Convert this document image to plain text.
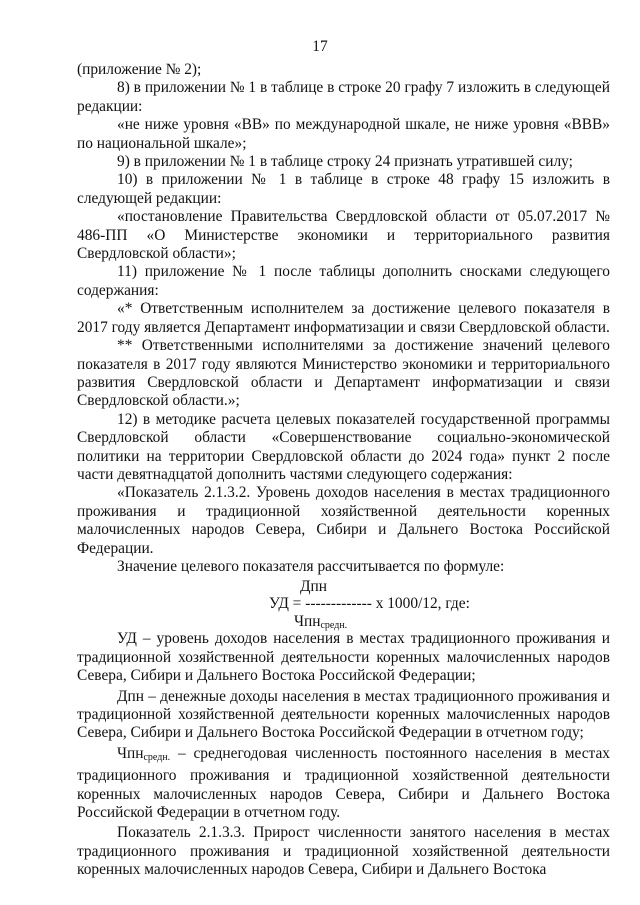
17
(приложение № 2);
8) в приложении № 1 в таблице в строке 20 графу 7 изложить в следующей редакции:
«не ниже уровня «ВВ» по международной шкале, не ниже уровня «ВВВ» по национальной шкале»;
9) в приложении № 1 в таблице строку 24 признать утратившей силу;
10) в приложении № 1 в таблице в строке 48 графу 15 изложить в следующей редакции:
«постановление Правительства Свердловской области от 05.07.2017 № 486-ПП «О Министерстве экономики и территориального развития Свердловской области»;
11) приложение № 1 после таблицы дополнить сносками следующего содержания:
«* Ответственным исполнителем за достижение целевого показателя в 2017 году является Департамент информатизации и связи Свердловской области.
** Ответственными исполнителями за достижение значений целевого показателя в 2017 году являются Министерство экономики и территориального развития Свердловской области и Департамент информатизации и связи Свердловской области.»;
12) в методике расчета целевых показателей государственной программы Свердловской области «Совершенствование социально-экономической политики на территории Свердловской области до 2024 года» пункт 2 после части девятнадцатой дополнить частями следующего содержания:
«Показатель 2.1.3.2. Уровень доходов населения в местах традиционного проживания и традиционной хозяйственной деятельности коренных малочисленных народов Севера, Сибири и Дальнего Востока Российской Федерации.
Значение целевого показателя рассчитывается по формуле:
Дпн
УД = ------------- х 1000/12, где:
Чпн$_{средн.}$
УД – уровень доходов населения в местах традиционного проживания и традиционной хозяйственной деятельности коренных малочисленных народов Севера, Сибири и Дальнего Востока Российской Федерации;
Дпн – денежные доходы населения в местах традиционного проживания и традиционной хозяйственной деятельности коренных малочисленных народов Севера, Сибири и Дальнего Востока Российской Федерации в отчетном году;
Чпн$_{средн.}$ – среднегодовая численность постоянного населения в местах традиционного проживания и традиционной хозяйственной деятельности коренных малочисленных народов Севера, Сибири и Дальнего Востока Российской Федерации в отчетном году.
Показатель 2.1.3.3. Прирост численности занятого населения в местах традиционного проживания и традиционной хозяйственной деятельности коренных малочисленных народов Севера, Сибири и Дальнего Востока
